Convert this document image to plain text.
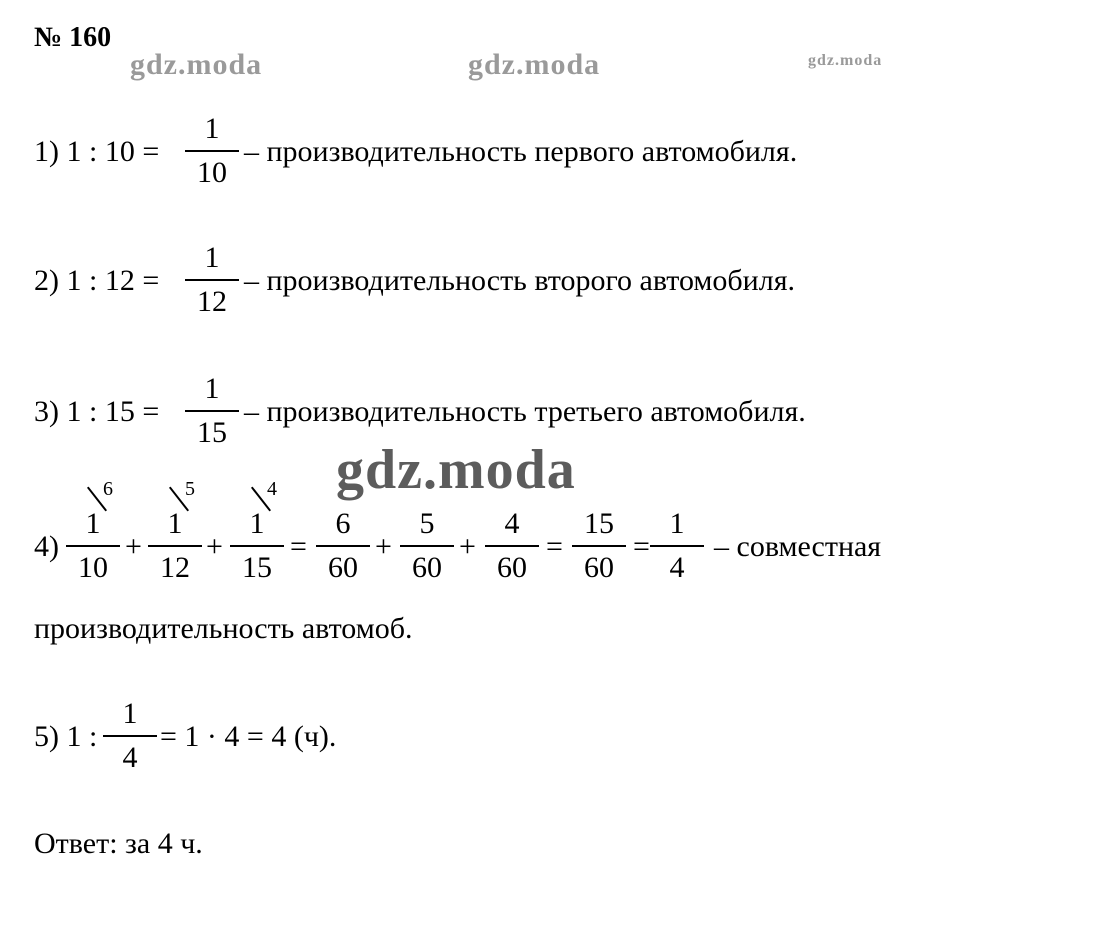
№ 160
gdz.moda	gdz.moda	gdz.moda
gdz.moda
1) 1 : 10 =
1
10
– производительность первого автомобиля.
2) 1 : 12 =
1
12
– производительность второго автомобиля.
3) 1 : 15 =
1
15
– производительность третьего автомобиля.
4)
1
10
6
+
1
12
5
+
1
15
4
=
6
60
+
5
60
+
4
60
=
15
60
=
1
4
– совместная
производительность автомоб.
5) 1 :
1
4
= 1 · 4 = 4 (ч).
Ответ: за 4 ч.
